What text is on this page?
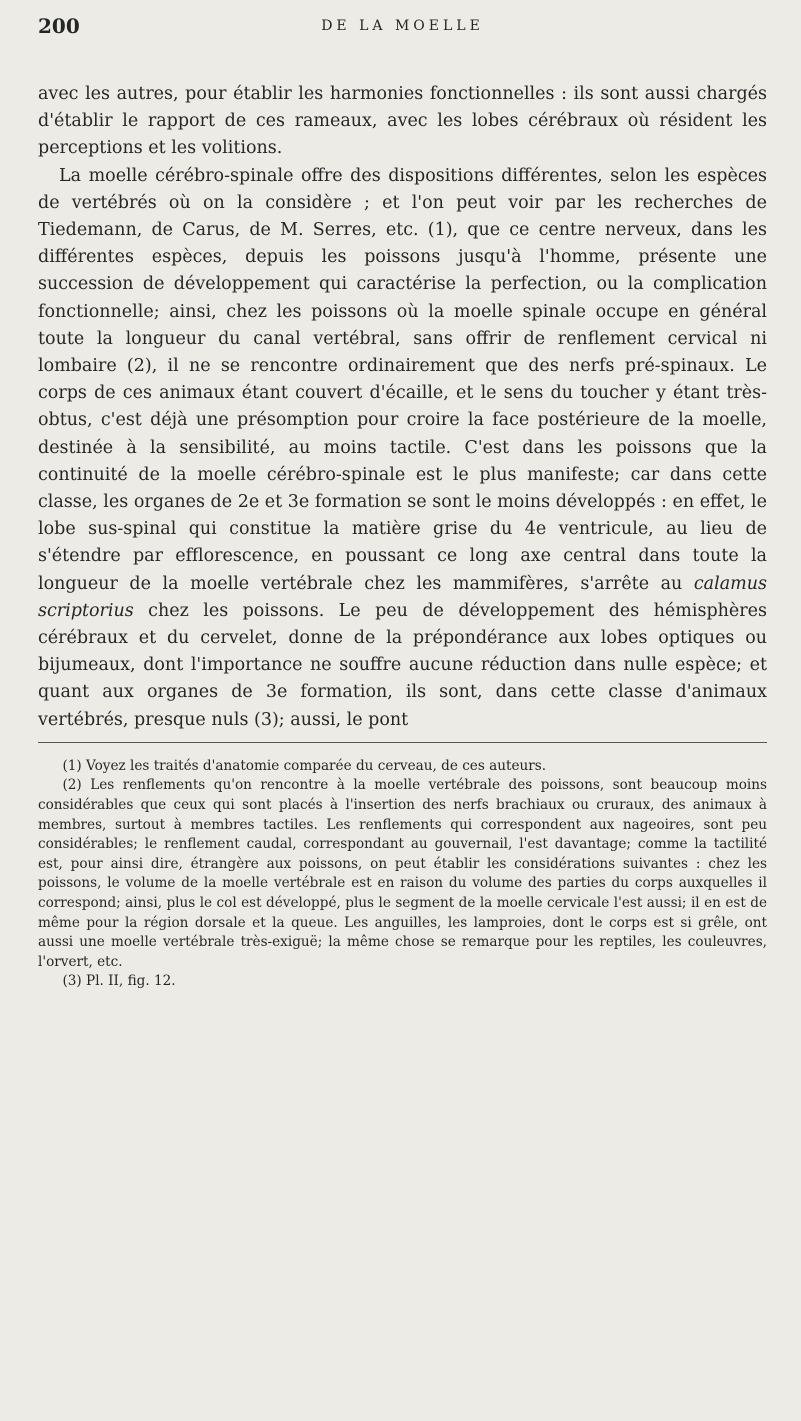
200	DE LA MOELLE

avec les autres, pour établir les harmonies fonctionnelles : ils sont aussi chargés d'établir le rapport de ces rameaux, avec les lobes cérébraux où résident les perceptions et les volitions.

La moelle cérébro-spinale offre des dispositions différentes, selon les espèces de vertébrés où on la considère ; et l'on peut voir par les recherches de Tiedemann, de Carus, de M. Serres, etc. (1), que ce centre nerveux, dans les différentes espèces, depuis les poissons jusqu'à l'homme, présente une succession de développement qui caractérise la perfection, ou la complication fonctionnelle; ainsi, chez les poissons où la moelle spinale occupe en général toute la longueur du canal vertébral, sans offrir de renflement cervical ni lombaire (2), il ne se rencontre ordinairement que des nerfs pré-spinaux. Le corps de ces animaux étant couvert d'écaille, et le sens du toucher y étant très-obtus, c'est déjà une présomption pour croire la face postérieure de la moelle, destinée à la sensibilité, au moins tactile. C'est dans les poissons que la continuité de la moelle cérébro-spinale est le plus manifeste; car dans cette classe, les organes de 2e et 3e formation se sont le moins développés : en effet, le lobe sus-spinal qui constitue la matière grise du 4e ventricule, au lieu de s'étendre par efflorescence, en poussant ce long axe central dans toute la longueur de la moelle vertébrale chez les mammifères, s'arrête au calamus scriptorius chez les poissons. Le peu de développement des hémisphères cérébraux et du cervelet, donne de la prépondérance aux lobes optiques ou bijumeaux, dont l'importance ne souffre aucune réduction dans nulle espèce; et quant aux organes de 3e formation, ils sont, dans cette classe d'animaux vertébrés, presque nuls (3); aussi, le pont

(1) Voyez les traités d'anatomie comparée du cerveau, de ces auteurs.

(2) Les renflements qu'on rencontre à la moelle vertébrale des poissons, sont beaucoup moins considérables que ceux qui sont placés à l'insertion des nerfs brachiaux ou cruraux, des animaux à membres, surtout à membres tactiles. Les renflements qui correspondent aux nageoires, sont peu considérables; le renflement caudal, correspondant au gouvernail, l'est davantage; comme la tactilité est, pour ainsi dire, étrangère aux poissons, on peut établir les considérations suivantes : chez les poissons, le volume de la moelle vertébrale est en raison du volume des parties du corps auxquelles il correspond; ainsi, plus le col est développé, plus le segment de la moelle cervicale l'est aussi; il en est de même pour la région dorsale et la queue. Les anguilles, les lamproies, dont le corps est si grêle, ont aussi une moelle vertébrale très-exiguë; la même chose se remarque pour les reptiles, les couleuvres, l'orvert, etc.

(3) Pl. II, fig. 12.
